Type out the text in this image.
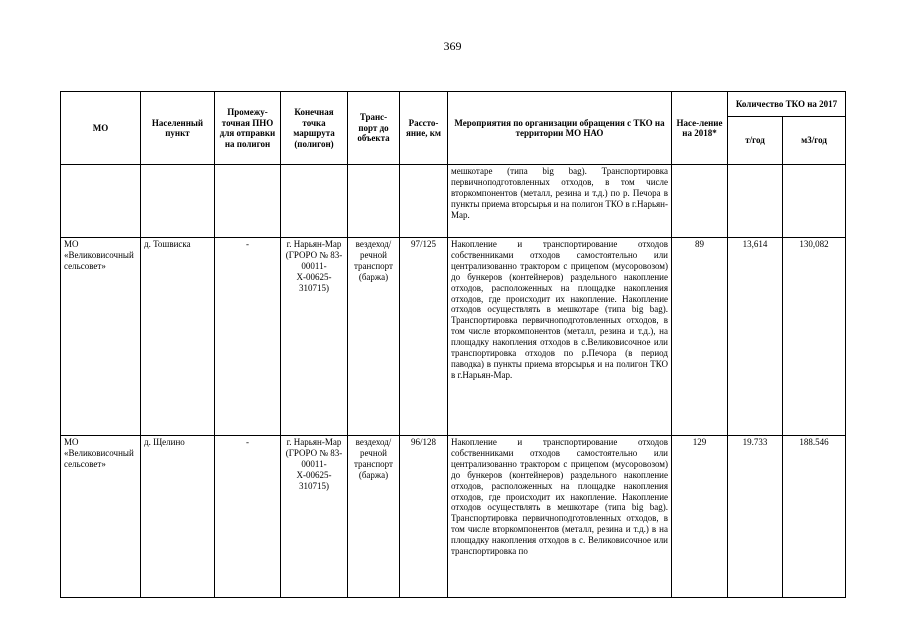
369
МО	Населенный пункт	Промежу-точная ПНО для отправки на полигон	Конечная точка маршрута (полигон)	Транс-порт до объекта	Рассто-яние, км	Мероприятия по организации обращения с ТКО на территории МО НАО	Насе-ление на 2018*	Количество ТКО на 2017	
								т/год	м3/год
						мешкотаре (типа big bag). Транспортировка первичноподготовленных отходов, в том числе вторкомпонентов (металл, резина и т.д.) по р. Печора в пункты приема вторсырья и на полигон ТКО в г.Нарьян-Мар.			
МО «Великовисочный сельсовет»	д. Тошвиска	-	г. Нарьян-Мар (ГРОРО № 83-00011-Х-00625-310715)	вездеход/ речной транспорт (баржа)	97/125	Накопление и транспортирование отходов собственниками отходов самостоятельно или централизованно трактором с прицепом (мусоровозом) до бункеров (контейнеров) раздельного накопление отходов, расположенных на площадке накопления отходов, где происходит их накопление. Накопление отходов осуществлять в мешкотаре (типа big bag). Транспортировка первичноподготовленных отходов, в том числе вторкомпонентов (металл, резина и т.д.), на площадку накопления отходов в с.Великовисочное или транспортировка отходов по р.Печора (в период паводка) в пункты приема вторсырья и на полигон ТКО в г.Нарьян-Мар.	89	13,614	130,082
МО «Великовисочный сельсовет»	д. Щелино	-	г. Нарьян-Мар (ГРОРО № 83-00011-Х-00625-310715)	вездеход/ речной транспорт (баржа)	96/128	Накопление и транспортирование отходов собственниками отходов самостоятельно или централизованно трактором с прицепом (мусоровозом) до бункеров (контейнеров) раздельного накопление отходов, расположенных на площадке накопления отходов, где происходит их накопление. Накопление отходов осуществлять в мешкотаре (типа big bag). Транспортировка первичноподготовленных отходов, в том числе вторкомпонентов (металл, резина и т.д.) в на площадку накопления отходов в с. Великовисочное или транспортировка по	129	19.733	188.546
